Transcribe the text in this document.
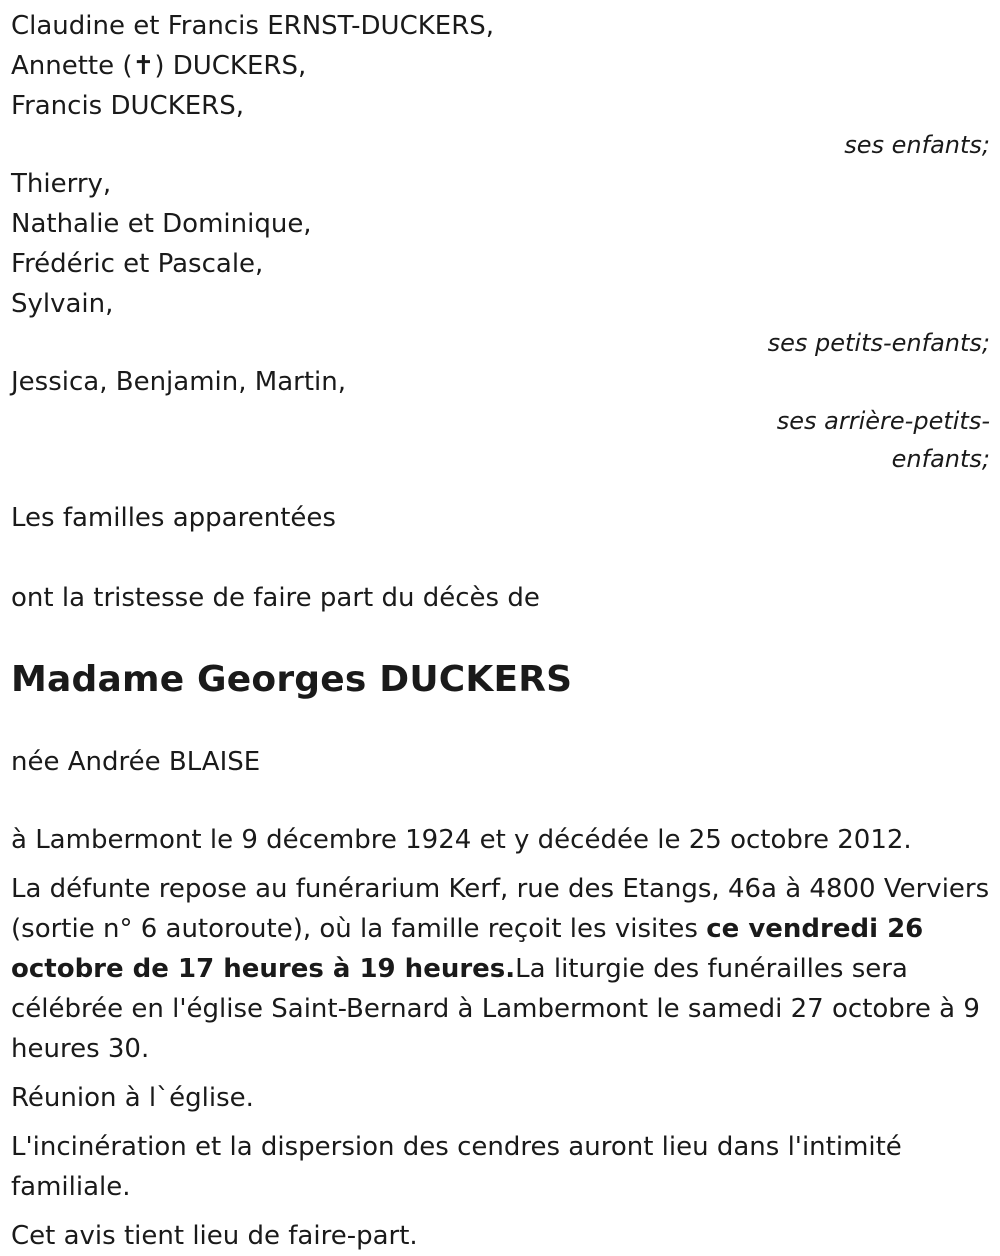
Claudine et Francis ERNST-DUCKERS,
Annette (✝) DUCKERS,
Francis DUCKERS,
ses enfants;
Thierry,
Nathalie et Dominique,
Frédéric et Pascale,
Sylvain,
ses petits-enfants;
Jessica, Benjamin, Martin,
ses arrière-petits-
enfants;
Les familles apparentées
ont la tristesse de faire part du décès de
Madame Georges DUCKERS
née Andrée BLAISE
à Lambermont le 9 décembre 1924 et y décédée le 25 octobre 2012.
La défunte repose au funérarium Kerf, rue des Etangs, 46a à 4800 Verviers (sortie n° 6 autoroute), où la famille reçoit les visites ce vendredi 26 octobre de 17 heures à 19 heures.La liturgie des funérailles sera célébrée en l'église Saint-Bernard à Lambermont le samedi 27 octobre à 9 heures 30.
Réunion à l`église.
L'incinération et la dispersion des cendres auront lieu dans l'intimité familiale.
Cet avis tient lieu de faire-part.
